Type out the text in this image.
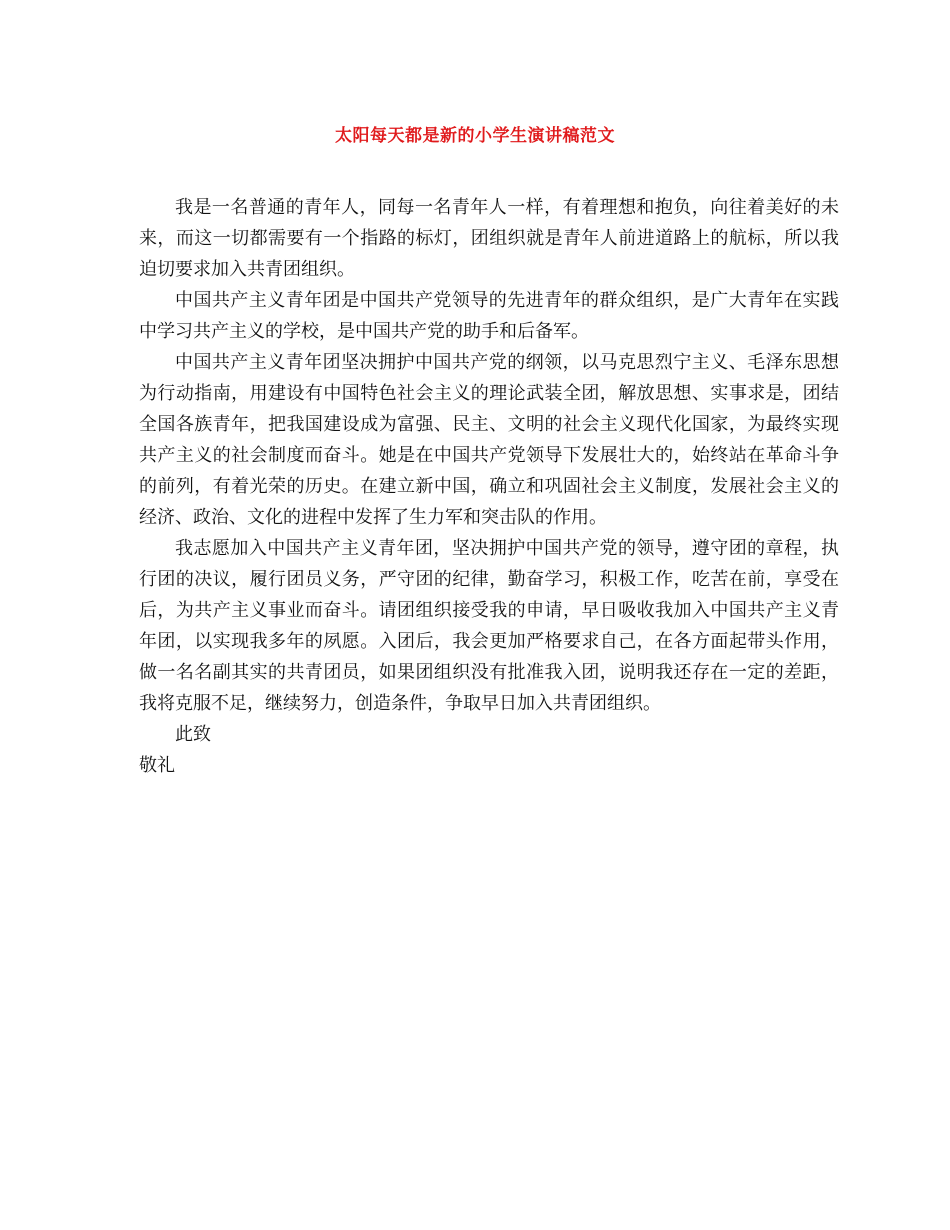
太阳每天都是新的小学生演讲稿范文

我是一名普通的青年人，同每一名青年人一样，有着理想和抱负，向往着美好的未来，而这一切都需要有一个指路的标灯，团组织就是青年人前进道路上的航标，所以我迫切要求加入共青团组织。

中国共产主义青年团是中国共产党领导的先进青年的群众组织，是广大青年在实践中学习共产主义的学校，是中国共产党的助手和后备军。

中国共产主义青年团坚决拥护中国共产党的纲领，以马克思烈宁主义、毛泽东思想为行动指南，用建设有中国特色社会主义的理论武装全团，解放思想、实事求是，团结全国各族青年，把我国建设成为富强、民主、文明的社会主义现代化国家，为最终实现共产主义的社会制度而奋斗。她是在中国共产党领导下发展壮大的，始终站在革命斗争的前列，有着光荣的历史。在建立新中国，确立和巩固社会主义制度，发展社会主义的经济、政治、文化的进程中发挥了生力军和突击队的作用。

我志愿加入中国共产主义青年团，坚决拥护中国共产党的领导，遵守团的章程，执行团的决议，履行团员义务，严守团的纪律，勤奋学习，积极工作，吃苦在前，享受在后，为共产主义事业而奋斗。请团组织接受我的申请，早日吸收我加入中国共产主义青年团，以实现我多年的夙愿。入团后，我会更加严格要求自己，在各方面起带头作用，做一名名副其实的共青团员，如果团组织没有批准我入团，说明我还存在一定的差距，我将克服不足，继续努力，创造条件，争取早日加入共青团组织。

此致

敬礼
